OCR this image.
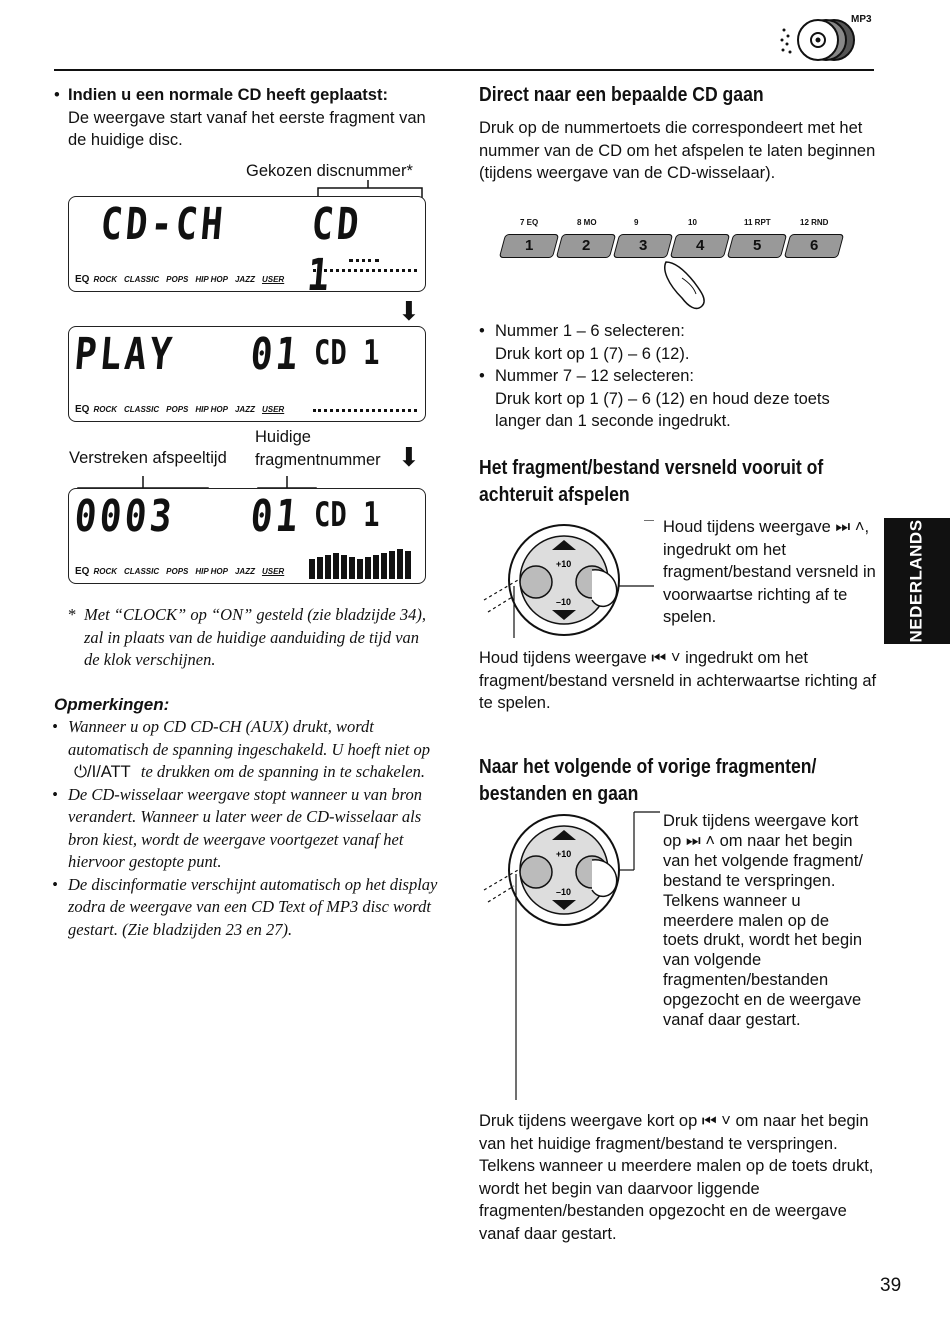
MP3
NEDERLANDS
• Indien u een normale CD heeft geplaatst:
De weergave start vanaf het eerste fragment van de huidige disc.
Gekozen discnummer*
CD-CH CD 1
EQ ROCK CLASSIC POPS HIP HOP JAZZ USER
⬇
PLAY 01 CD 1
EQ ROCK CLASSIC POPS HIP HOP JAZZ USER
Huidige fragmentnummer
Verstreken afspeeltijd	⬇
0003 01 CD 1
EQ ROCK CLASSIC POPS HIP HOP JAZZ USER
* Met “CLOCK” op “ON” gesteld (zie bladzijde 34), zal in plaats van de huidige aanduiding de tijd van de klok verschijnen.
Opmerkingen:
• Wanneer u op CD CD-CH (AUX) drukt, wordt automatisch de spanning ingeschakeld. U hoeft niet op ⏻/I/ATT te drukken om de spanning in te schakelen.
• De CD-wisselaar weergave stopt wanneer u van bron verandert. Wanneer u later weer de CD-wisselaar als bron kiest, wordt de weergave voortgezet vanaf het hiervoor gestopte punt.
• De discinformatie verschijnt automatisch op het display zodra de weergave van een CD Text of MP3 disc wordt gestart. (Zie bladzijden 23 en 27).
Direct naar een bepaalde CD gaan
Druk op de nummertoets die correspondeert met het nummer van de CD om het afspelen te laten beginnen (tijdens weergave van de CD-wisselaar).
7 EQ	8 MO	9	10	11 RPT	12 RND
1	2	3	4	5	6
• Nummer 1 – 6 selecteren:
Druk kort op 1 (7) – 6 (12).
• Nummer 7 – 12 selecteren:
Druk kort op 1 (7) – 6 (12) en houd deze toets langer dan 1 seconde ingedrukt.
Het fragment/bestand versneld vooruit of achteruit afspelen
+10
–10
Houd tijdens weergave ⏭ ˄, ingedrukt om het fragment/bestand versneld in voorwaartse richting af te spelen.
Houd tijdens weergave ⏮ ˅ ingedrukt om het fragment/bestand versneld in achterwaartse richting af te spelen.
Naar het volgende of vorige fragmenten/ bestanden en gaan
+10
–10
Druk tijdens weergave kort op ⏭ ˄ om naar het begin van het volgende fragment/ bestand te verspringen. Telkens wanneer u meerdere malen op de toets drukt, wordt het begin van volgende fragmenten/bestanden opgezocht en de weergave vanaf daar gestart.
Druk tijdens weergave kort op ⏮ ˅ om naar het begin van het huidige fragment/bestand te verspringen.
Telkens wanneer u meerdere malen op de toets drukt, wordt het begin van daarvoor liggende fragmenten/bestanden opgezocht en de weergave vanaf daar gestart.
39
